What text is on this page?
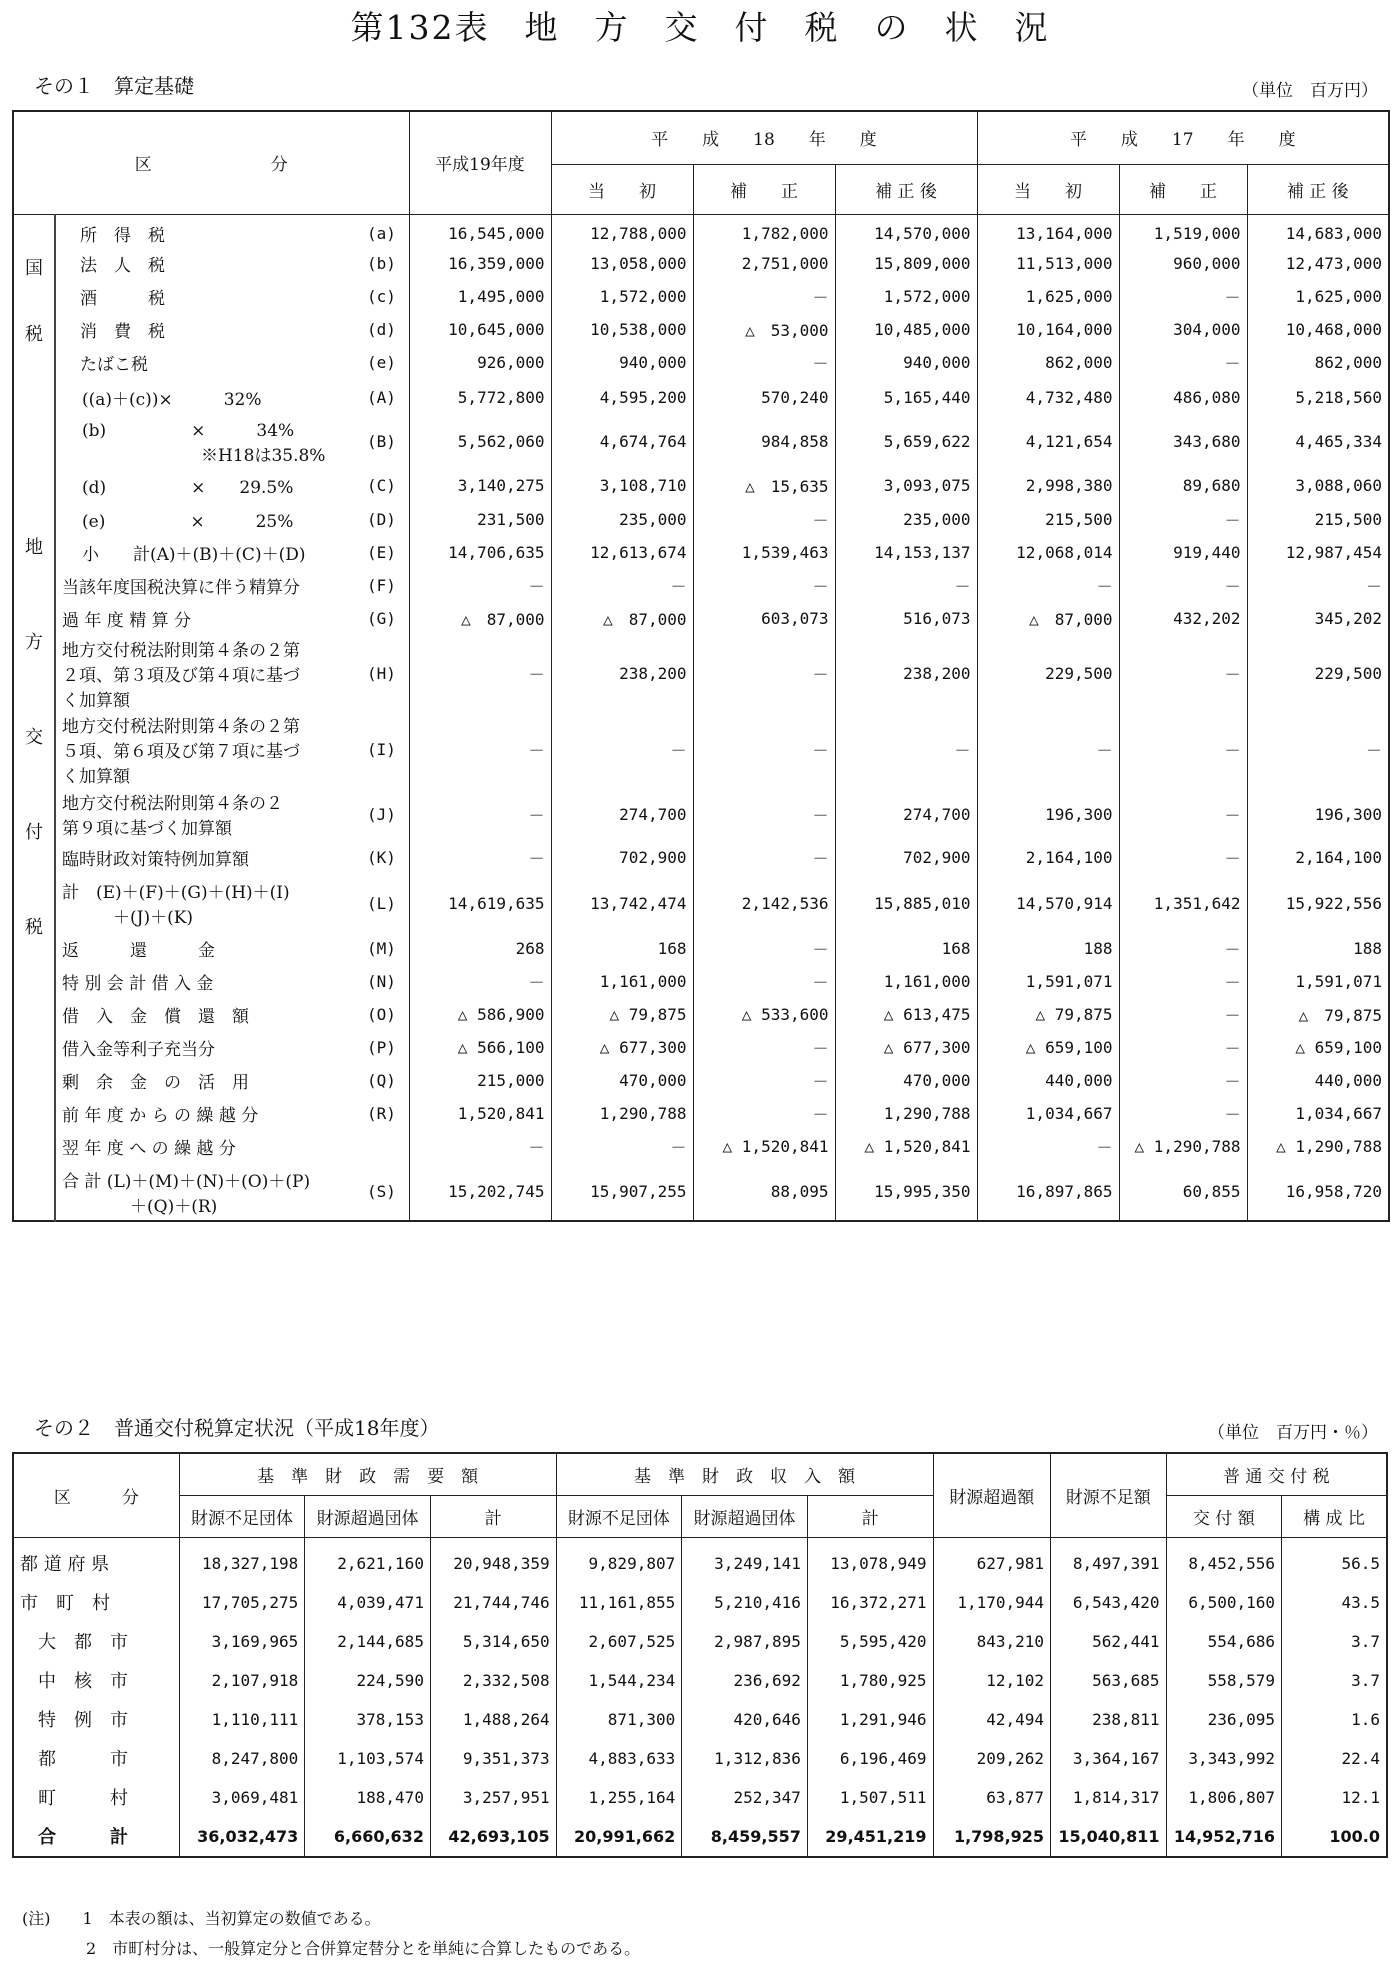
第132表　地　方　交　付　税　の　状　況
その１　算定基礎	（単位　百万円）
区　　　　　　　分			平成19年度	平　　成　　18　　年　　度			平　　成　　17　　年　　度		
				当　　初	補　　正	補 正 後	当　　初	補　　正	補 正 後

国
税	所　得　税	(a)	16,545,000	12,788,000	1,782,000	14,570,000	13,164,000	1,519,000	14,683,000
	法　人　税	(b)	16,359,000	13,058,000	2,751,000	15,809,000	11,513,000	960,000	12,473,000
	酒　　　税	(c)	1,495,000	1,572,000	－	1,572,000	1,625,000	－	1,625,000
	消　費　税	(d)	10,645,000	10,538,000	△　53,000	10,485,000	10,164,000	304,000	10,468,000
	たばこ税	(e)	926,000	940,000	－	940,000	862,000	－	862,000

地
方
交
付
税	((a)＋(c))×　　　32%	(A)	5,772,800	4,595,200	570,240	5,165,440	4,732,480	486,080	5,218,560
	(b)　　　　　×　　　34%
　　　　　　　※H18は35.8%	(B)	5,562,060	4,674,764	984,858	5,659,622	4,121,654	343,680	4,465,334
	(d)　　　　　×　　29.5%	(C)	3,140,275	3,108,710	△　15,635	3,093,075	2,998,380	89,680	3,088,060
	(e)　　　　　×　　　25%	(D)	231,500	235,000	－	235,000	215,500	－	215,500
	小　　計(A)＋(B)＋(C)＋(D)	(E)	14,706,635	12,613,674	1,539,463	14,153,137	12,068,014	919,440	12,987,454
	当該年度国税決算に伴う精算分	(F)	－	－	－	－	－	－	－
	過 年 度 精 算 分	(G)	△　87,000	△　87,000	603,073	516,073	△　87,000	432,202	345,202
	地方交付税法附則第４条の２第
２項、第３項及び第４項に基づ
く加算額	(H)	－	238,200	－	238,200	229,500	－	229,500
	地方交付税法附則第４条の２第
５項、第６項及び第７項に基づ
く加算額	(I)	－	－	－	－	－	－	－
	地方交付税法附則第４条の２
第９項に基づく加算額	(J)	－	274,700	－	274,700	196,300	－	196,300
	臨時財政対策特例加算額	(K)	－	702,900	－	702,900	2,164,100	－	2,164,100
	計　(E)＋(F)＋(G)＋(H)＋(I)
　　　＋(J)＋(K)	(L)	14,619,635	13,742,474	2,142,536	15,885,010	14,570,914	1,351,642	15,922,556
	返　　　還　　　金	(M)	268	168	－	168	188	－	188
	特 別 会 計 借 入 金	(N)	－	1,161,000	－	1,161,000	1,591,071	－	1,591,071
	借　入　金　償　還　額	(O)	△ 586,900	△ 79,875	△ 533,600	△ 613,475	△ 79,875	－	△　79,875
	借入金等利子充当分	(P)	△ 566,100	△ 677,300	－	△ 677,300	△ 659,100	－	△ 659,100
	剰　余　金　の　活　用	(Q)	215,000	470,000	－	470,000	440,000	－	440,000
	前 年 度 か ら の 繰 越 分	(R)	1,520,841	1,290,788	－	1,290,788	1,034,667	－	1,034,667
	翌 年 度 へ の 繰 越 分		－	－	△ 1,520,841	△ 1,520,841	－	△ 1,290,788	△ 1,290,788
	合 計 (L)＋(M)＋(N)＋(O)＋(P)
　　　　＋(Q)＋(R)	(S)	15,202,745	15,907,255	88,095	15,995,350	16,897,865	60,855	16,958,720
その２　普通交付税算定状況（平成18年度）	（単位　百万円・％）
区　　　分	基　準　財　政　需　要　額			基　準　財　政　収　入　額			財源超過額	財源不足額	普 通 交 付 税	
	財源不足団体	財源超過団体	計	財源不足団体	財源超過団体	計			交 付 額	構 成 比
都 道 府 県	18,327,198	2,621,160	20,948,359	9,829,807	3,249,141	13,078,949	627,981	8,497,391	8,452,556	56.5
市　町　村	17,705,275	4,039,471	21,744,746	11,161,855	5,210,416	16,372,271	1,170,944	6,543,420	6,500,160	43.5
　大　都　市	3,169,965	2,144,685	5,314,650	2,607,525	2,987,895	5,595,420	843,210	562,441	554,686	3.7
　中　核　市	2,107,918	224,590	2,332,508	1,544,234	236,692	1,780,925	12,102	563,685	558,579	3.7
　特　例　市	1,110,111	378,153	1,488,264	871,300	420,646	1,291,946	42,494	238,811	236,095	1.6
　都　　　市	8,247,800	1,103,574	9,351,373	4,883,633	1,312,836	6,196,469	209,262	3,364,167	3,343,992	22.4
　町　　　村	3,069,481	188,470	3,257,951	1,255,164	252,347	1,507,511	63,877	1,814,317	1,806,807	12.1
　合　　　計	36,032,473	6,660,632	42,693,105	20,991,662	8,459,557	29,451,219	1,798,925	15,040,811	14,952,716	100.0
(注)　　1　本表の額は、当初算定の数値である。
　　　　2　市町村分は、一般算定分と合併算定替分とを単純に合算したものである。
